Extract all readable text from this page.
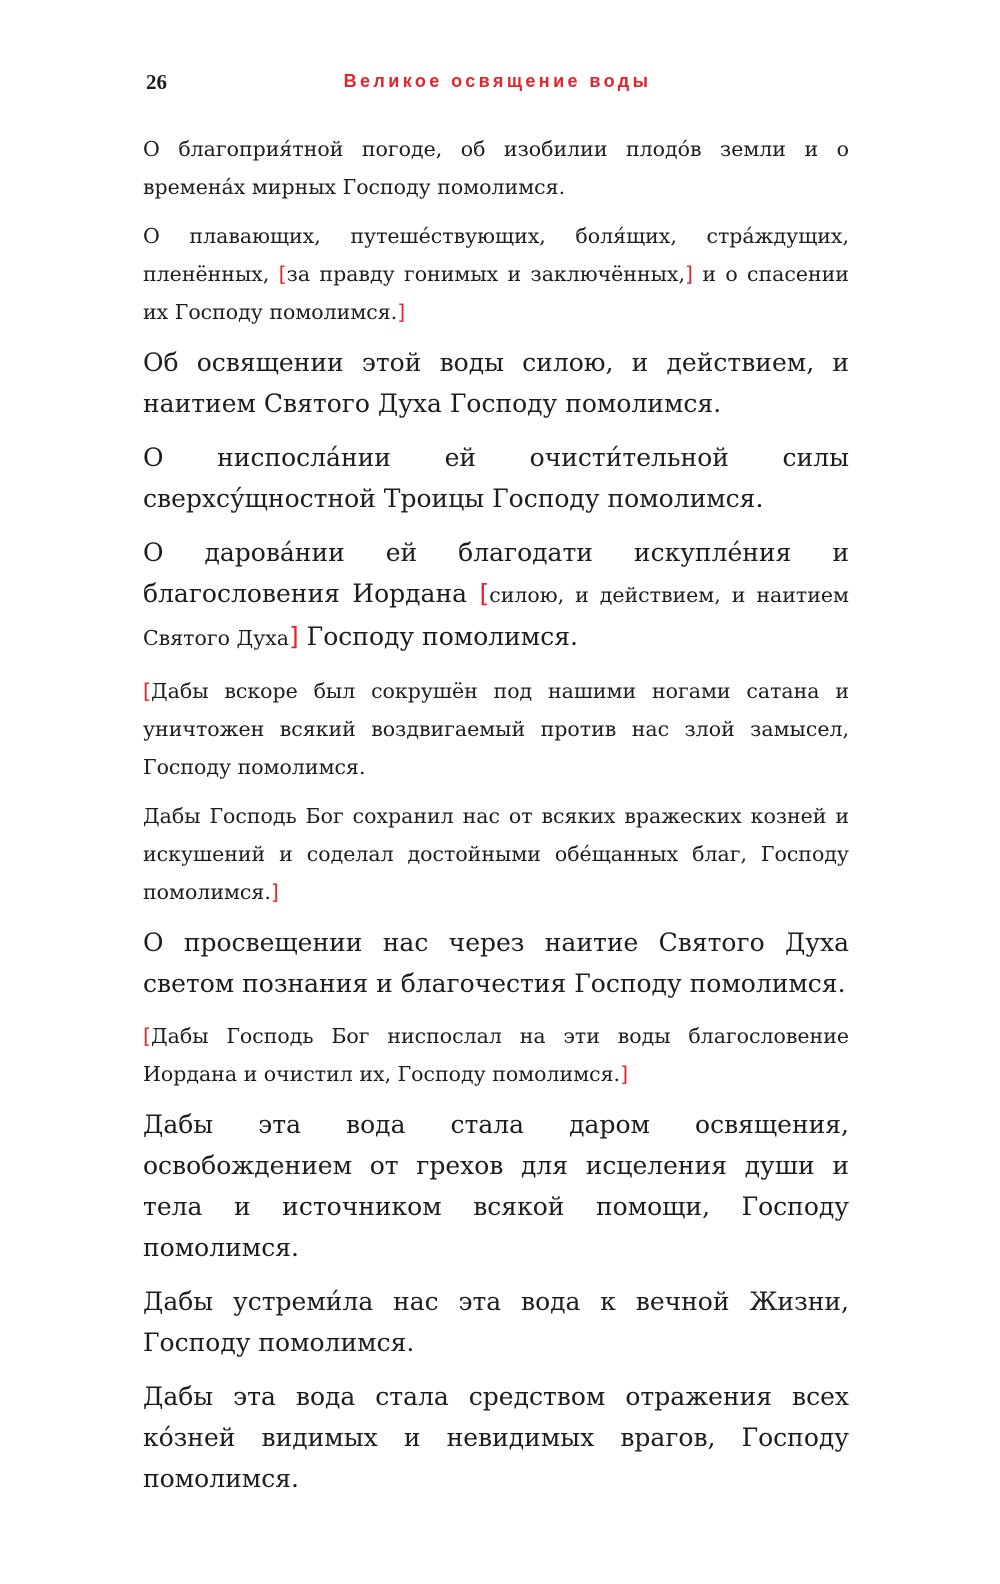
26	Великое освящение воды

О благоприя́тной погоде, об изобилии плодо́в земли и о времена́х мирных Господу помолимся.

О плавающих, путеше́ствующих, боля́щих, стра́ждущих, пленённых, [за правду гонимых и заключённых,] и о спасении их Господу помолимся.]

Об освящении этой воды силою, и действием, и наитием Святого Духа Господу помолимся.

О ниспосла́нии ей очисти́тельной силы сверхсу́щностной Троицы Господу помолимся.

О дарова́нии ей благодати искупле́ния и благословения Иордана [силою, и действием, и наитием Святого Духа] Господу помолимся.

[Дабы вскоре был сокрушён под нашими ногами сатана и уничтожен всякий воздвигаемый против нас злой замысел, Господу помолимся.

Дабы Господь Бог сохранил нас от всяких вражеских козней и искушений и соделал достойными обе́щанных благ, Господу помолимся.]

О просвещении нас через наитие Святого Духа светом познания и благочестия Господу помолимся.

[Дабы Господь Бог ниспослал на эти воды благословение Иордана и очистил их, Господу помолимся.]

Дабы эта вода стала даром освящения, освобождением от грехов для исцеления души и тела и источником всякой помощи, Господу помолимся.

Дабы устреми́ла нас эта вода к вечной Жизни, Господу помолимся.

Дабы эта вода стала средством отражения всех ко́зней видимых и невидимых врагов, Господу помолимся.
